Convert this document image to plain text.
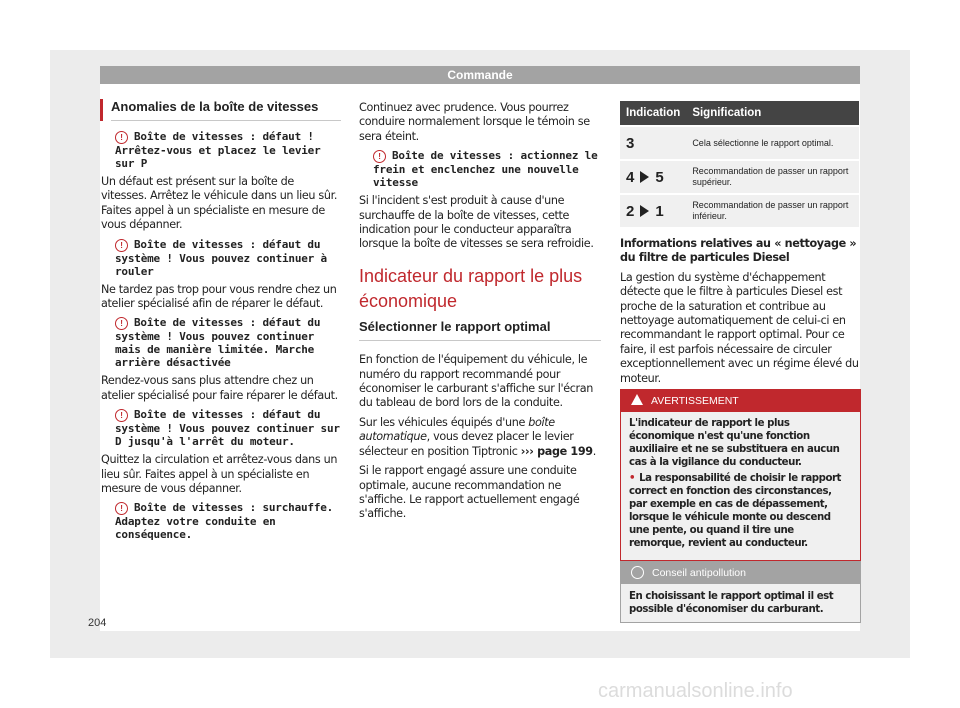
Commande
Anomalies de la boîte de vitesses

! Boîte de vitesses : défaut ! Arrêtez-vous et placez le levier sur P

Un défaut est présent sur la boîte de vitesses. Arrêtez le véhicule dans un lieu sûr. Faites appel à un spécialiste en mesure de vous dépanner.

! Boîte de vitesses : défaut du système ! Vous pouvez continuer à rouler

Ne tardez pas trop pour vous rendre chez un atelier spécialisé afin de réparer le défaut.

! Boîte de vitesses : défaut du système ! Vous pouvez continuer mais de manière limitée. Marche arrière désactivée

Rendez-vous sans plus attendre chez un atelier spécialisé pour faire réparer le défaut.

! Boîte de vitesses : défaut du système ! Vous pouvez continuer sur D jusqu'à l'arrêt du moteur.

Quittez la circulation et arrêtez-vous dans un lieu sûr. Faites appel à un spécialiste en mesure de vous dépanner.

! Boîte de vitesses : surchauffe. Adaptez votre conduite en conséquence.

Continuez avec prudence. Vous pourrez conduire normalement lorsque le témoin se sera éteint.

! Boîte de vitesses : actionnez le frein et enclenchez une nouvelle vitesse

Si l'incident s'est produit à cause d'une surchauffe de la boîte de vitesses, cette indication pour le conducteur apparaîtra lorsque la boîte de vitesses se sera refroidie.

Indicateur du rapport le plus économique
Sélectionner le rapport optimal

En fonction de l'équipement du véhicule, le numéro du rapport recommandé pour économiser le carburant s'affiche sur l'écran du tableau de bord lors de la conduite.

Sur les véhicules équipés d'une boîte automatique, vous devez placer le levier sélecteur en position Tiptronic ››› page 199.

Si le rapport engagé assure une conduite optimale, aucune recommandation ne s'affiche. Le rapport actuellement engagé s'affiche.

Indication	Signification
3	Cela sélectionne le rapport optimal.
4 5	Recommandation de passer un rapport supérieur.
2 1	Recommandation de passer un rapport inférieur.

Informations relatives au « nettoyage » du filtre de particules Diesel

La gestion du système d'échappement détecte que le filtre à particules Diesel est proche de la saturation et contribue au nettoyage automatiquement de celui-ci en recommandant le rapport optimal. Pour ce faire, il est parfois nécessaire de circuler exceptionnellement avec un régime élevé du moteur.

AVERTISSEMENT

L'indicateur de rapport le plus économique n'est qu'une fonction auxiliaire et ne se substituera en aucun cas à la vigilance du conducteur.

• La responsabilité de choisir le rapport correct en fonction des circonstances, par exemple en cas de dépassement, lorsque le véhicule monte ou descend une pente, ou quand il tire une remorque, revient au conducteur.

Conseil antipollution
En choisissant le rapport optimal il est possible d'économiser du carburant.
204
carmanualsonline.info
